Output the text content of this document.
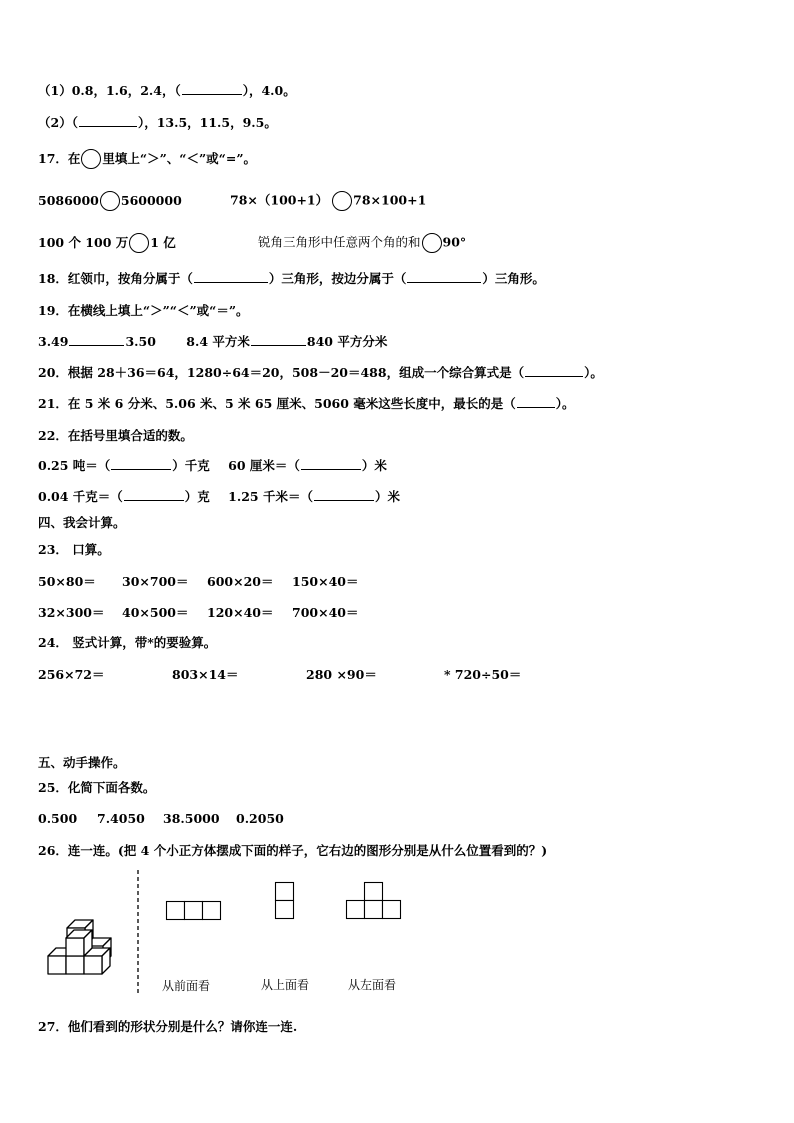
（1）0.8，1.6，2.4，（	），4.0。
（2）（	），13.5，11.5，9.5。
17．在 里填上“＞”、“＜”或“=”。
5086000 5600000	78×（100+1） 78×100+1
100 个 100 万 1 亿	锐角三角形中任意两个角的和 90°
18．红领巾，按角分属于（	）三角形，按边分属于（	）三角形。
19．在横线上填上“＞”“＜”或“＝”。
3.49	3.50 8.4 平方米	840 平方分米
20．根据 28＋36＝64，1280÷64＝20，508－20＝488，组成一个综合算式是（	）。
21．在 5 米 6 分米、5.06 米、5 米 65 厘米、5060 毫米这些长度中，最长的是（	）。
22．在括号里填合适的数。
0.25 吨＝（	）千克 60 厘米＝（	）米
0.04 千克＝（	）克 1.25 千米＝（	）米
四、我会计算。
23． 口算。
50×80＝ 30×700＝ 600×20＝ 150×40＝
32×300＝ 40×500＝ 120×40＝ 700×40＝
24． 竖式计算，带*的要验算。
256×72＝	803×14＝	280 ×90＝	* 720÷50＝
五、动手操作。
25．化简下面各数。
0.500 7.4050 38.5000 0.2050
26．连一连。(把 4 个小正方体摆成下面的样子，它右边的图形分别是从什么位置看到的？)
从前面看	从上面看	从左面看
27．他们看到的形状分别是什么？请你连一连.
